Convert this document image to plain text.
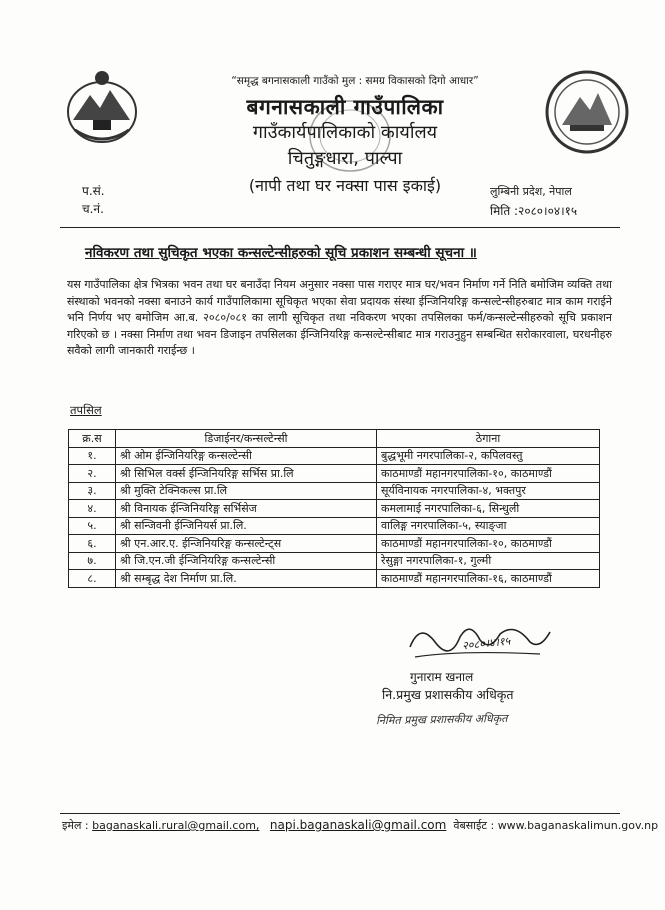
“समृद्ध बगनासकाली गाउँको मुल : समग्र विकासको दिगो आधार”
बगनासकाली गाउँपालिका
गाउँकार्यपालिकाको कार्यालय
चितुङ्गधारा, पाल्पा
(नापी तथा घर नक्सा पास इकाई)
प.सं.
च.नं.
लुम्बिनी प्रदेश, नेपाल
मिति :२०८०।०४।१५
नविकरण तथा सुचिकृत भएका कन्सल्टेन्सीहरुको सूचि प्रकाशन सम्बन्धी सूचना ॥
यस गाउँपालिका क्षेत्र भित्रका भवन तथा घर बनाउँदा नियम अनुसार नक्सा पास गराएर मात्र घर/भवन निर्माण गर्ने निति बमोजिम व्यक्ति तथा संस्थाको भवनको नक्सा बनाउने कार्य गाउँपालिकामा सूचिकृत भएका सेवा प्रदायक संस्था ईन्जिनियरिङ्ग कन्सल्टेन्सीहरुबाट मात्र काम गराईने भनि निर्णय भए बमोजिम आ.ब. २०८०/०८१ का लागी सूचिकृत तथा नविकरण भएका तपसिलका फर्म/कन्सल्टेन्सीहरुको सूचि प्रकाशन गरिएको छ । नक्सा निर्माण तथा भवन डिजाइन तपसिलका ईन्जिनियरिङ्ग कन्सल्टेन्सीबाट मात्र गराउनुहुन सम्बन्धित सरोकारवाला, घरधनीहरु सवैको लागी जानकारी गराईन्छ ।
तपसिल
क्र.स	डिजाईनर/कन्सल्टेन्सी	ठेगाना
१.	श्री ओम ईन्जिनियरिङ्ग कन्सल्टेन्सी	बुद्धभूमी नगरपालिका-२, कपिलवस्तु
२.	श्री सिभिल वर्क्स ईन्जिनियरिङ्ग सर्भिस प्रा.लि	काठमाण्डौं महानगरपालिका-१०, काठमाण्डौं
३.	श्री मुक्ति टेक्निकल्स प्रा.लि	सूर्यविनायक नगरपालिका-४, भक्तपुर
४.	श्री विनायक ईन्जिनियरिङ्ग सर्भिसेज	कमलामाई नगरपालिका-६, सिन्धुली
५.	श्री सन्जिवनी ईन्जिनियर्स प्रा.लि.	वालिङ्ग नगरपालिका-५, स्याङ्जा
६.	श्री एन.आर.ए. ईन्जिनियरिङ्ग कन्सल्टेन्ट्स	काठमाण्डौं महानगरपालिका-१०, काठमाण्डौं
७.	श्री जि.एन.जी ईन्जिनियरिङ्ग कन्सल्टेन्सी	रेसुङ्गा नगरपालिका-१, गुल्मी
८.	श्री सम्बृद्ध देश निर्माण प्रा.लि.	काठमाण्डौं महानगरपालिका-१६, काठमाण्डौं
२०८०।४।१५
गुनाराम खनाल
नि.प्रमुख प्रशासकीय अधिकृत
निमित प्रमुख प्रशासकीय अधिकृत
इमेल : baganaskali.rural@gmail.com, napi.baganaskali@gmail.com वेबसाईट : www.baganaskalimun.gov.np
